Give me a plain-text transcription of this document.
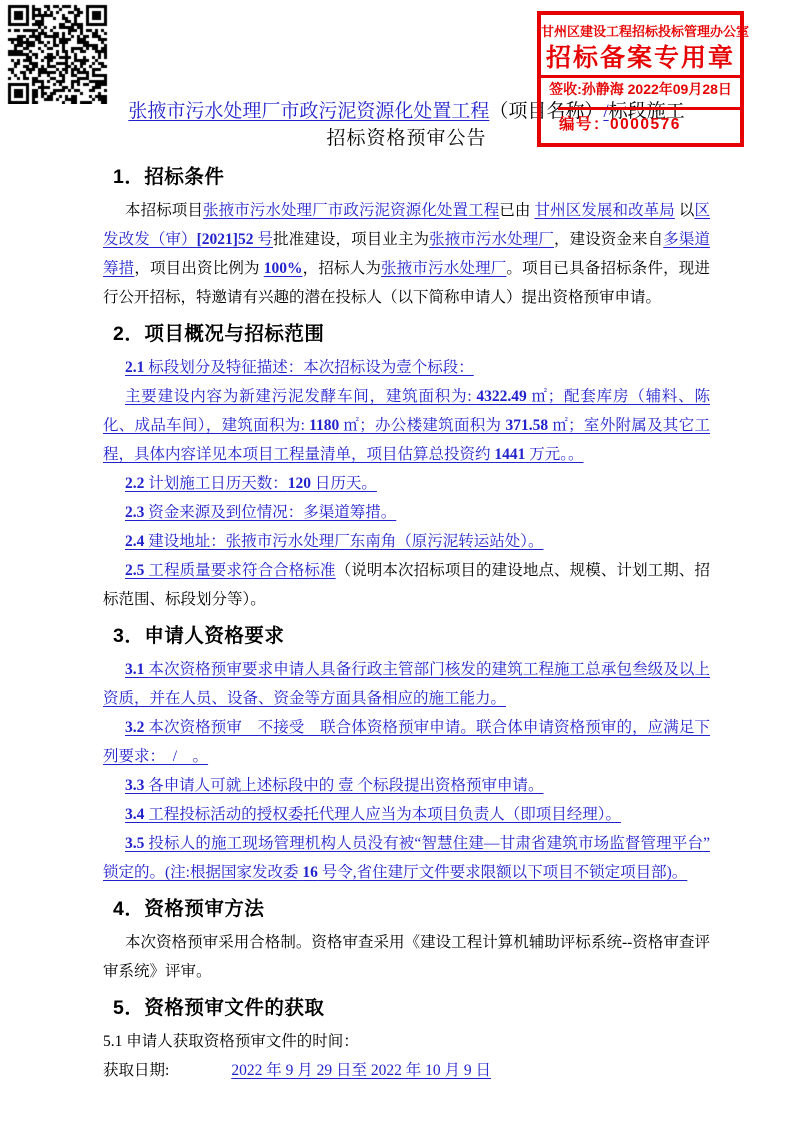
张掖市污水处理厂市政污泥资源化处置工程（项目名称）/标段施工
招标资格预审公告
1．招标条件

本招标项目张掖市污水处理厂市政污泥资源化处置工程已由 甘州区发展和改革局 以区发改发（审）[2021]52 号批准建设，项目业主为张掖市污水处理厂，建设资金来自多渠道筹措，项目出资比例为 100%，招标人为张掖市污水处理厂。项目已具备招标条件，现进行公开招标，特邀请有兴趣的潜在投标人（以下简称申请人）提出资格预审申请。

2．项目概况与招标范围

2.1 标段划分及特征描述：本次招标设为壹个标段：

主要建设内容为新建污泥发酵车间，建筑面积为: 4322.49 ㎡；配套库房（辅料、陈化、成品车间），建筑面积为: 1180 ㎡；办公楼建筑面积为 371.58 ㎡；室外附属及其它工程，具体内容详见本项目工程量清单，项目估算总投资约 1441 万元。。

2.2 计划施工日历天数：120 日历天。

2.3 资金来源及到位情况：多渠道筹措。

2.4 建设地址：张掖市污水处理厂东南角（原污泥转运站处）。

2.5 工程质量要求符合合格标准（说明本次招标项目的建设地点、规模、计划工期、招标范围、标段划分等）。

3．申请人资格要求

3.1 本次资格预审要求申请人具备行政主管部门核发的建筑工程施工总承包叁级及以上资质，并在人员、设备、资金等方面具备相应的施工能力。

3.2 本次资格预审　不接受　联合体资格预审申请。联合体申请资格预审的，应满足下列要求：　/　。

3.3 各申请人可就上述标段中的 壹 个标段提出资格预审申请。

3.4 工程投标活动的授权委托代理人应当为本项目负责人（即项目经理）。

3.5 投标人的施工现场管理机构人员没有被“智慧住建—甘肃省建筑市场监督管理平台”锁定的。(注:根据国家发改委 16 号令,省住建厅文件要求限额以下项目不锁定项目部)。

4．资格预审方法

本次资格预审采用合格制。资格审查采用《建设工程计算机辅助评标系统--资格审查评审系统》评审。

5．资格预审文件的获取

5.1 申请人获取资格预审文件的时间：

获取日期:　　　　2022 年 9 月 29 日至 2022 年 10 月 9 日

甘州区建设工程招标投标管理办公室
招标备案专用章
签收:孙静海 2022年09月28日
编号：0000576
